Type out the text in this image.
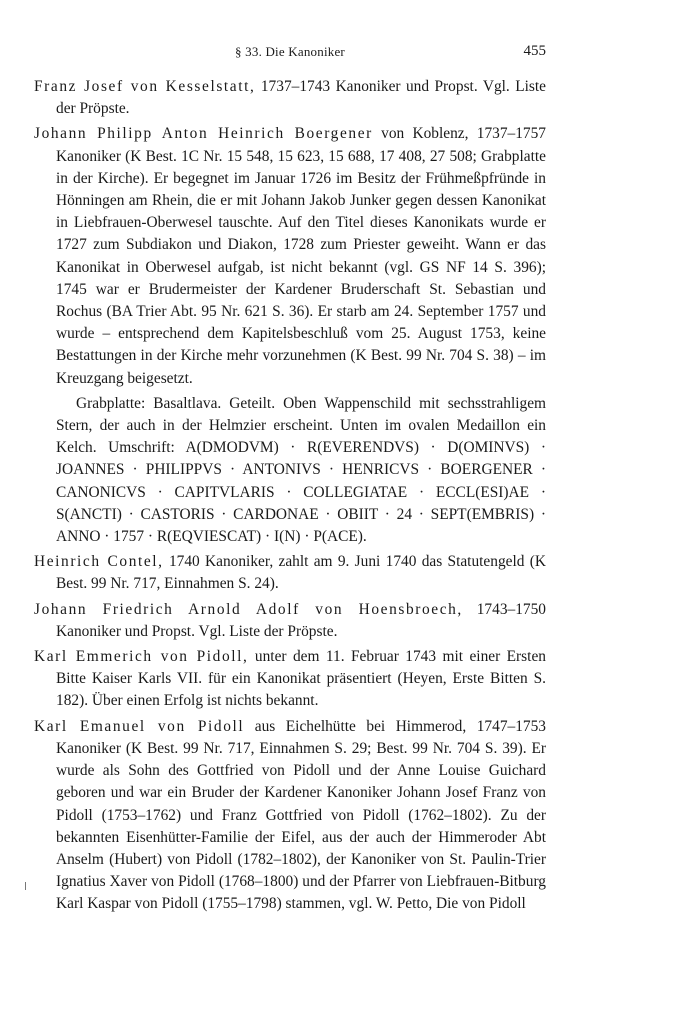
§ 33. Die Kanoniker	455

Franz Josef von Kesselstatt, 1737–1743 Kanoniker und Propst. Vgl. Liste der Pröpste.

Johann Philipp Anton Heinrich Boergener von Koblenz, 1737–1757 Kanoniker (K Best. 1C Nr. 15 548, 15 623, 15 688, 17 408, 27 508; Grabplatte in der Kirche). Er begegnet im Januar 1726 im Besitz der Frühmeßpfründe in Hönningen am Rhein, die er mit Johann Jakob Junker gegen dessen Kanonikat in Liebfrauen-Oberwesel tauschte. Auf den Titel dieses Kanonikats wurde er 1727 zum Subdiakon und Diakon, 1728 zum Priester geweiht. Wann er das Kanonikat in Oberwesel aufgab, ist nicht bekannt (vgl. GS NF 14 S. 396); 1745 war er Brudermeister der Kardener Bruderschaft St. Sebastian und Rochus (BA Trier Abt. 95 Nr. 621 S. 36). Er starb am 24. September 1757 und wurde – entsprechend dem Kapitelsbeschluß vom 25. August 1753, keine Bestattungen in der Kirche mehr vorzunehmen (K Best. 99 Nr. 704 S. 38) – im Kreuzgang beigesetzt.

Grabplatte: Basaltlava. Geteilt. Oben Wappenschild mit sechsstrahligem Stern, der auch in der Helmzier erscheint. Unten im ovalen Medaillon ein Kelch. Umschrift: A(DMODVM) · R(EVERENDVS) · D(OMINVS) · JOANNES · PHILIPPVS · ANTONIVS · HENRICVS · BOERGENER · CANONICVS · CAPITVLARIS · COLLEGIATAE · ECCL(ESI)AE · S(ANCTI) · CASTORIS · CARDONAE · OBIIT · 24 · SEPT(EMBRIS) · ANNO · 1757 · R(EQVIESCAT) · I(N) · P(ACE).

Heinrich Contel, 1740 Kanoniker, zahlt am 9. Juni 1740 das Statutengeld (K Best. 99 Nr. 717, Einnahmen S. 24).

Johann Friedrich Arnold Adolf von Hoensbroech, 1743–1750 Kanoniker und Propst. Vgl. Liste der Pröpste.

Karl Emmerich von Pidoll, unter dem 11. Februar 1743 mit einer Ersten Bitte Kaiser Karls VII. für ein Kanonikat präsentiert (Heyen, Erste Bitten S. 182). Über einen Erfolg ist nichts bekannt.

Karl Emanuel von Pidoll aus Eichelhütte bei Himmerod, 1747–1753 Kanoniker (K Best. 99 Nr. 717, Einnahmen S. 29; Best. 99 Nr. 704 S. 39). Er wurde als Sohn des Gottfried von Pidoll und der Anne Louise Guichard geboren und war ein Bruder der Kardener Kanoniker Johann Josef Franz von Pidoll (1753–1762) und Franz Gottfried von Pidoll (1762–1802). Zu der bekannten Eisenhütter-Familie der Eifel, aus der auch der Himmeroder Abt Anselm (Hubert) von Pidoll (1782–1802), der Kanoniker von St. Paulin-Trier Ignatius Xaver von Pidoll (1768–1800) und der Pfarrer von Liebfrauen-Bitburg Karl Kaspar von Pidoll (1755–1798) stammen, vgl. W. Petto, Die von Pidoll
